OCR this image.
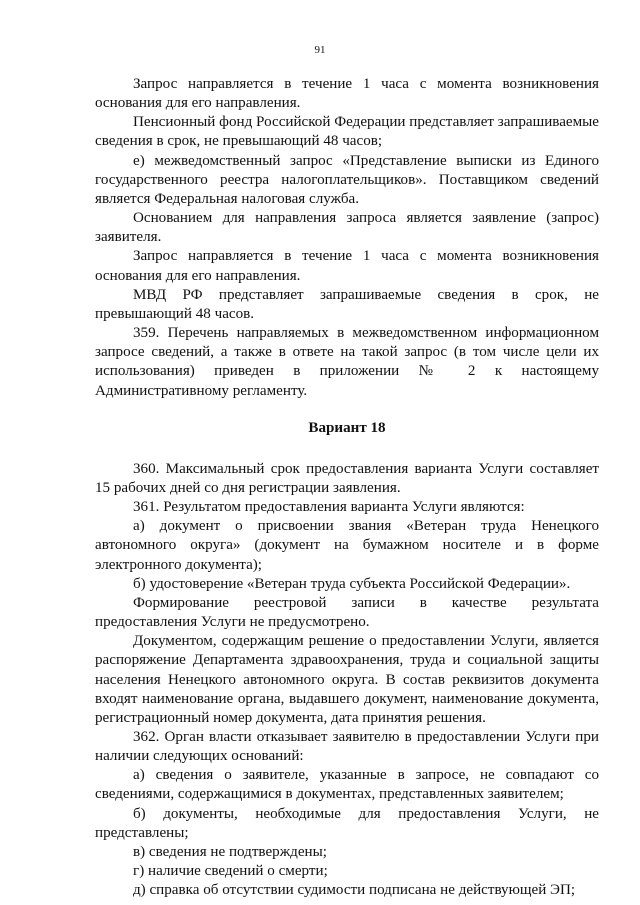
91

Запрос направляется в течение 1 часа с момента возникновения основания для его направления.

Пенсионный фонд Российской Федерации представляет запрашиваемые сведения в срок, не превышающий 48 часов;

е) межведомственный запрос «Представление выписки из Единого государственного реестра налогоплательщиков». Поставщиком сведений является Федеральная налоговая служба.

Основанием для направления запроса является заявление (запрос) заявителя.

Запрос направляется в течение 1 часа с момента возникновения основания для его направления.

МВД РФ представляет запрашиваемые сведения в срок, не превышающий 48 часов.

359. Перечень направляемых в межведомственном информационном запросе сведений, а также в ответе на такой запрос (в том числе цели их использования) приведен в приложении № 2 к настоящему Административному регламенту.

Вариант 18

360. Максимальный срок предоставления варианта Услуги составляет 15 рабочих дней со дня регистрации заявления.

361. Результатом предоставления варианта Услуги являются:

а) документ о присвоении звания «Ветеран труда Ненецкого автономного округа» (документ на бумажном носителе и в форме электронного документа);

б) удостоверение «Ветеран труда субъекта Российской Федерации».

Формирование реестровой записи в качестве результата предоставления Услуги не предусмотрено.

Документом, содержащим решение о предоставлении Услуги, является распоряжение Департамента здравоохранения, труда и социальной защиты населения Ненецкого автономного округа. В состав реквизитов документа входят наименование органа, выдавшего документ, наименование документа, регистрационный номер документа, дата принятия решения.

362. Орган власти отказывает заявителю в предоставлении Услуги при наличии следующих оснований:

а) сведения о заявителе, указанные в запросе, не совпадают со сведениями, содержащимися в документах, представленных заявителем;

б) документы, необходимые для предоставления Услуги, не представлены;

в) сведения не подтверждены;

г) наличие сведений о смерти;

д) справка об отсутствии судимости подписана не действующей ЭП;
